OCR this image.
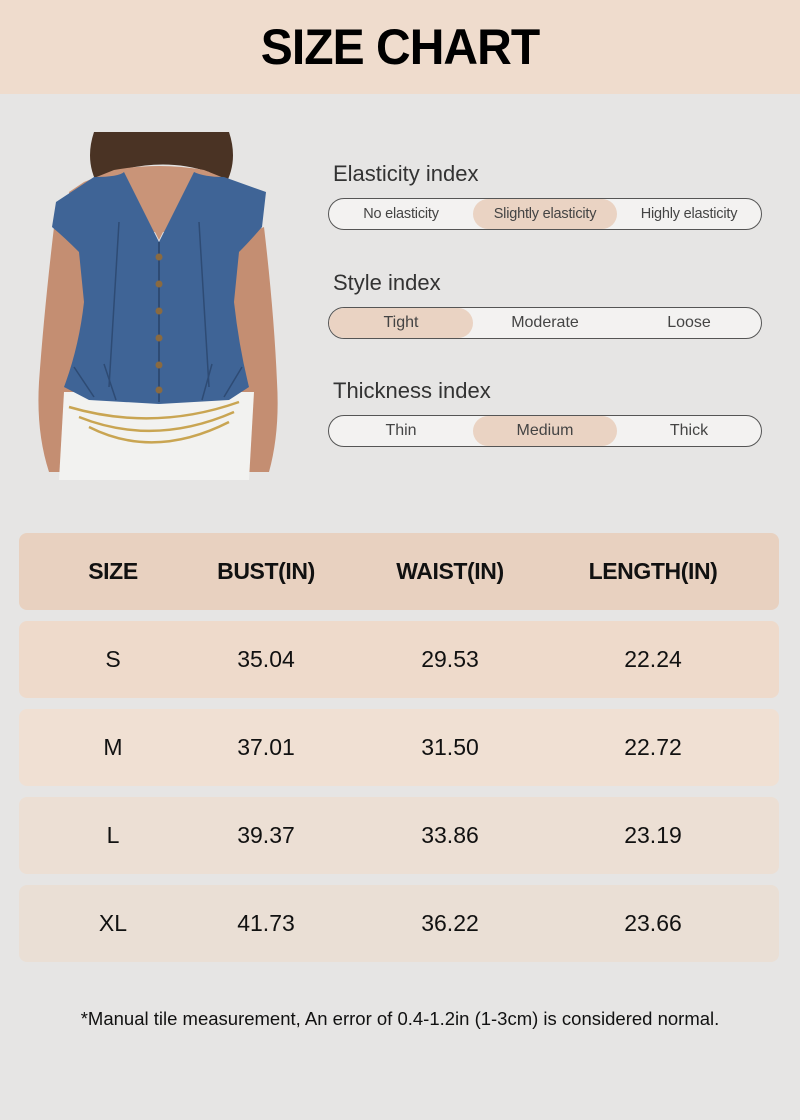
SIZE CHART
Elasticity index
No elasticity	Slightly elasticity	Highly elasticity
Style index
Tight	Moderate	Loose
Thickness index
Thin	Medium	Thick
SIZE	BUST(IN)	WAIST(IN)	LENGTH(IN)
S	35.04	29.53	22.24
M	37.01	31.50	22.72
L	39.37	33.86	23.19
XL	41.73	36.22	23.66
*Manual tile measurement, An error of 0.4-1.2in (1-3cm) is considered normal.
